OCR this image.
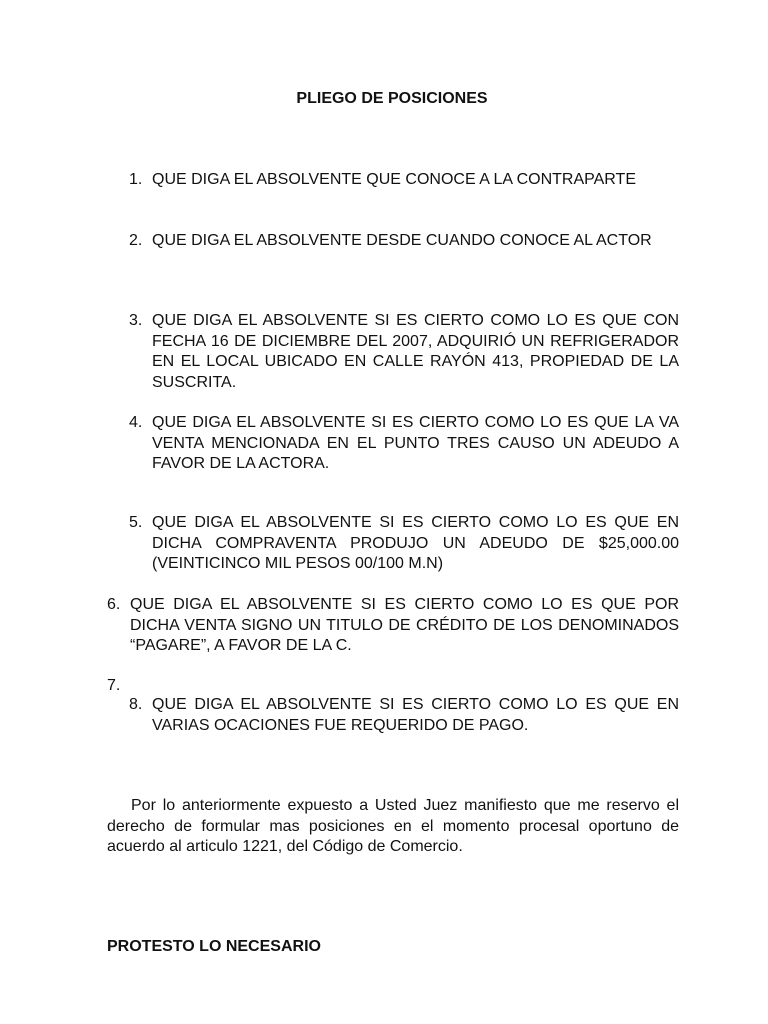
PLIEGO DE POSICIONES
1. QUE DIGA EL ABSOLVENTE QUE CONOCE A LA CONTRAPARTE
2. QUE DIGA EL ABSOLVENTE DESDE CUANDO CONOCE AL ACTOR
3. QUE DIGA EL ABSOLVENTE SI ES CIERTO COMO LO ES QUE CON FECHA 16 DE DICIEMBRE DEL 2007, ADQUIRIÓ UN REFRIGERADOR EN EL LOCAL UBICADO EN CALLE RAYÓN 413, PROPIEDAD DE LA SUSCRITA.
4. QUE DIGA EL ABSOLVENTE SI ES CIERTO COMO LO ES QUE LA VA VENTA MENCIONADA EN EL PUNTO TRES CAUSO UN ADEUDO A FAVOR DE LA ACTORA.
5. QUE DIGA EL ABSOLVENTE SI ES CIERTO COMO LO ES QUE EN DICHA COMPRAVENTA PRODUJO UN ADEUDO DE $25,000.00 (VEINTICINCO MIL PESOS 00/100 M.N)
6. QUE DIGA EL ABSOLVENTE SI ES CIERTO COMO LO ES QUE POR DICHA VENTA SIGNO UN TITULO DE CRÉDITO DE LOS DENOMINADOS “PAGARE”, A FAVOR DE LA C.
7.
8. QUE DIGA EL ABSOLVENTE SI ES CIERTO COMO LO ES QUE EN VARIAS OCACIONES FUE REQUERIDO DE PAGO.
Por lo anteriormente expuesto a Usted Juez manifiesto que me reservo el derecho de formular mas posiciones en el momento procesal oportuno de acuerdo al articulo 1221, del Código de Comercio.
PROTESTO LO NECESARIO
